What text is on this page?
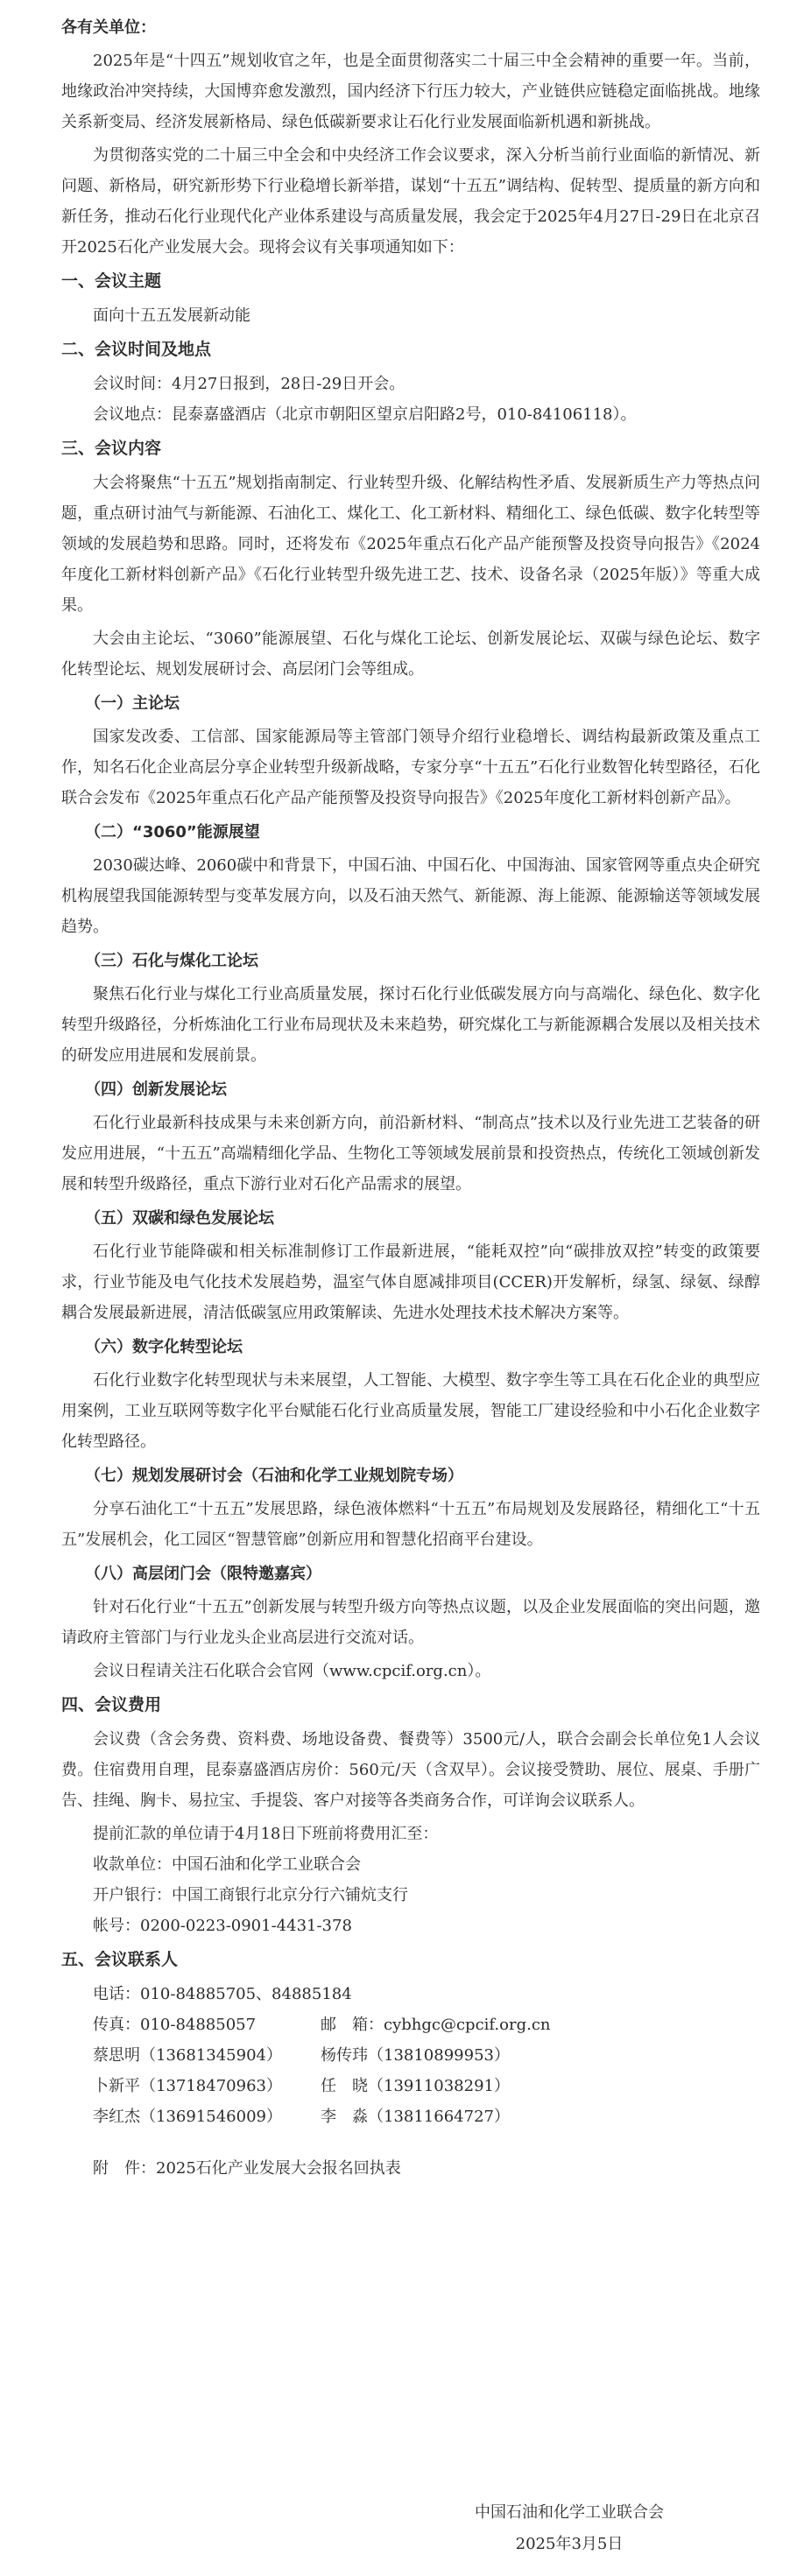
各有关单位：

2025年是“十四五”规划收官之年，也是全面贯彻落实二十届三中全会精神的重要一年。当前，地缘政治冲突持续，大国博弈愈发激烈，国内经济下行压力较大，产业链供应链稳定面临挑战。地缘关系新变局、经济发展新格局、绿色低碳新要求让石化行业发展面临新机遇和新挑战。

为贯彻落实党的二十届三中全会和中央经济工作会议要求，深入分析当前行业面临的新情况、新问题、新格局，研究新形势下行业稳增长新举措，谋划“十五五”调结构、促转型、提质量的新方向和新任务，推动石化行业现代化产业体系建设与高质量发展，我会定于2025年4月27日-29日在北京召开2025石化产业发展大会。现将会议有关事项通知如下：

一、会议主题

面向十五五发展新动能

二、会议时间及地点

会议时间：4月27日报到，28日-29日开会。

会议地点：昆泰嘉盛酒店（北京市朝阳区望京启阳路2号，010-84106118）。

三、会议内容

大会将聚焦“十五五”规划指南制定、行业转型升级、化解结构性矛盾、发展新质生产力等热点问题，重点研讨油气与新能源、石油化工、煤化工、化工新材料、精细化工、绿色低碳、数字化转型等领域的发展趋势和思路。同时，还将发布《2025年重点石化产品产能预警及投资导向报告》《2024年度化工新材料创新产品》《石化行业转型升级先进工艺、技术、设备名录（2025年版）》等重大成果。

大会由主论坛、“3060”能源展望、石化与煤化工论坛、创新发展论坛、双碳与绿色论坛、数字化转型论坛、规划发展研讨会、高层闭门会等组成。

（一）主论坛

国家发改委、工信部、国家能源局等主管部门领导介绍行业稳增长、调结构最新政策及重点工作，知名石化企业高层分享企业转型升级新战略，专家分享“十五五”石化行业数智化转型路径，石化联合会发布《2025年重点石化产品产能预警及投资导向报告》《2025年度化工新材料创新产品》。

（二）“3060”能源展望

2030碳达峰、2060碳中和背景下，中国石油、中国石化、中国海油、国家管网等重点央企研究机构展望我国能源转型与变革发展方向，以及石油天然气、新能源、海上能源、能源输送等领域发展趋势。

（三）石化与煤化工论坛

聚焦石化行业与煤化工行业高质量发展，探讨石化行业低碳发展方向与高端化、绿色化、数字化转型升级路径，分析炼油化工行业布局现状及未来趋势，研究煤化工与新能源耦合发展以及相关技术的研发应用进展和发展前景。

（四）创新发展论坛

石化行业最新科技成果与未来创新方向，前沿新材料、“制高点”技术以及行业先进工艺装备的研发应用进展，“十五五”高端精细化学品、生物化工等领域发展前景和投资热点，传统化工领域创新发展和转型升级路径，重点下游行业对石化产品需求的展望。

（五）双碳和绿色发展论坛

石化行业节能降碳和相关标准制修订工作最新进展，“能耗双控”向“碳排放双控”转变的政策要求，行业节能及电气化技术发展趋势，温室气体自愿减排项目(CCER)开发解析，绿氢、绿氨、绿醇耦合发展最新进展，清洁低碳氢应用政策解读、先进水处理技术技术解决方案等。

（六）数字化转型论坛

石化行业数字化转型现状与未来展望，人工智能、大模型、数字孪生等工具在石化企业的典型应用案例，工业互联网等数字化平台赋能石化行业高质量发展，智能工厂建设经验和中小石化企业数字化转型路径。

（七）规划发展研讨会（石油和化学工业规划院专场）

分享石油化工“十五五”发展思路，绿色液体燃料“十五五”布局规划及发展路径，精细化工“十五五”发展机会，化工园区“智慧管廊”创新应用和智慧化招商平台建设。

（八）高层闭门会（限特邀嘉宾）

针对石化行业“十五五”创新发展与转型升级方向等热点议题，以及企业发展面临的突出问题，邀请政府主管部门与行业龙头企业高层进行交流对话。

会议日程请关注石化联合会官网（www.cpcif.org.cn）。

四、会议费用

会议费（含会务费、资料费、场地设备费、餐费等）3500元/人，联合会副会长单位免1人会议费。住宿费用自理，昆泰嘉盛酒店房价：560元/天（含双早）。会议接受赞助、展位、展桌、手册广告、挂绳、胸卡、易拉宝、手提袋、客户对接等各类商务合作，可详询会议联系人。

提前汇款的单位请于4月18日下班前将费用汇至：

收款单位：中国石油和化学工业联合会

开户银行：中国工商银行北京分行六铺炕支行

帐号：0200-0223-0901-4431-378

五、会议联系人

电话：010-84885705、84885184

传真：010-84885057	邮　箱：cybhgc@cpcif.org.cn
蔡思明（13681345904）	杨传玮（13810899953）
卜新平（13718470963）	任　晓（13911038291）
李红杰（13691546009）	李　淼（13811664727）

附　件：2025石化产业发展大会报名回执表

中国石油和化学工业联合会
2025年3月5日
